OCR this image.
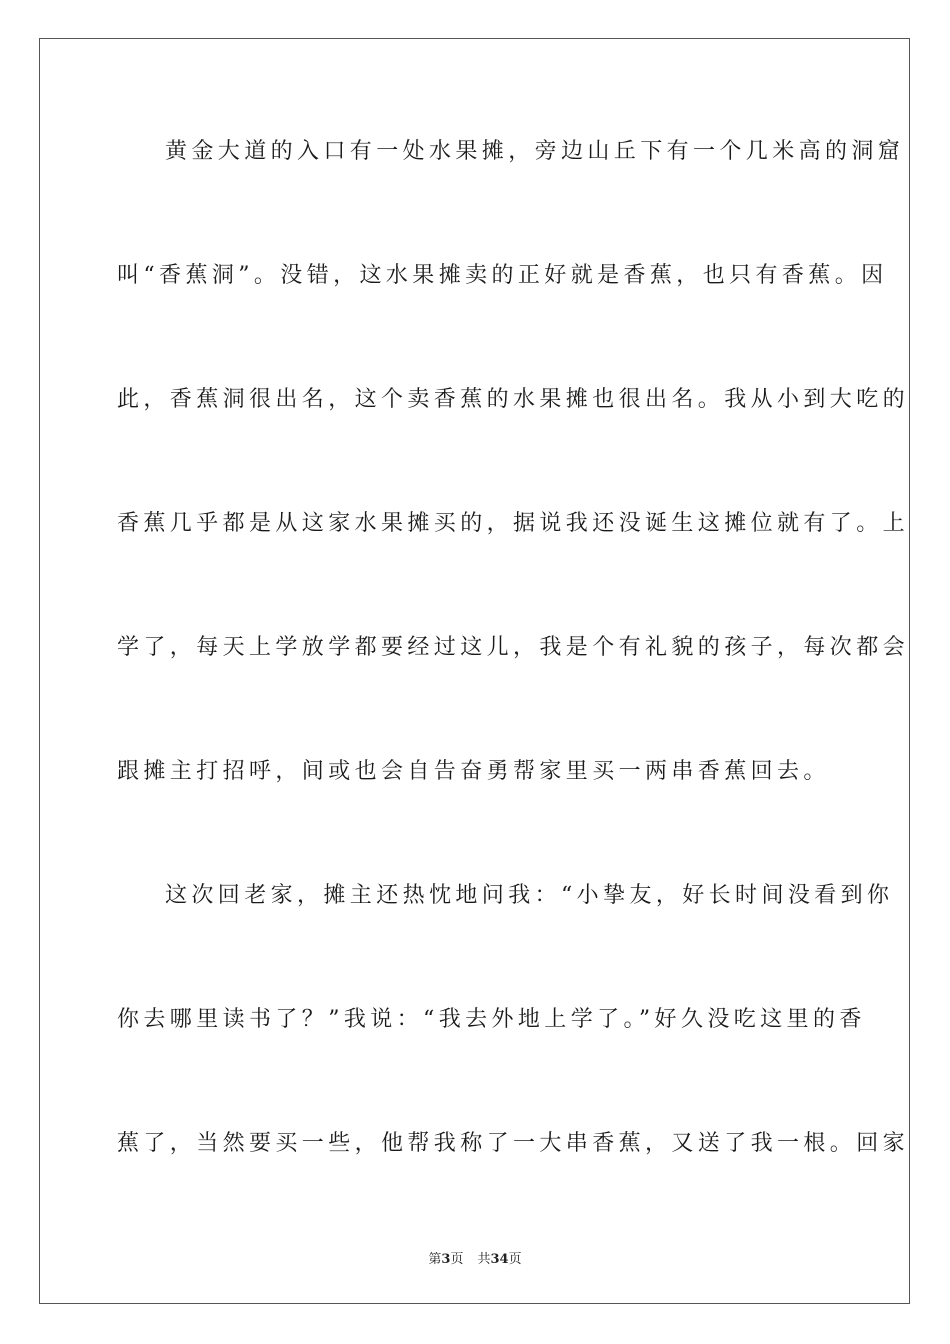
黄金大道的入口有一处水果摊，旁边山丘下有一个几米高的洞窟
叫“香蕉洞”。没错，这水果摊卖的正好就是香蕉，也只有香蕉。因
此，香蕉洞很出名，这个卖香蕉的水果摊也很出名。我从小到大吃的
香蕉几乎都是从这家水果摊买的，据说我还没诞生这摊位就有了。上
学了，每天上学放学都要经过这儿，我是个有礼貌的孩子，每次都会
跟摊主打招呼，间或也会自告奋勇帮家里买一两串香蕉回去。
这次回老家，摊主还热忱地问我：“小挚友，好长时间没看到你
你去哪里读书了？”我说：“我去外地上学了。”好久没吃这里的香
蕉了，当然要买一些，他帮我称了一大串香蕉，又送了我一根。回家
第3页 共34页
